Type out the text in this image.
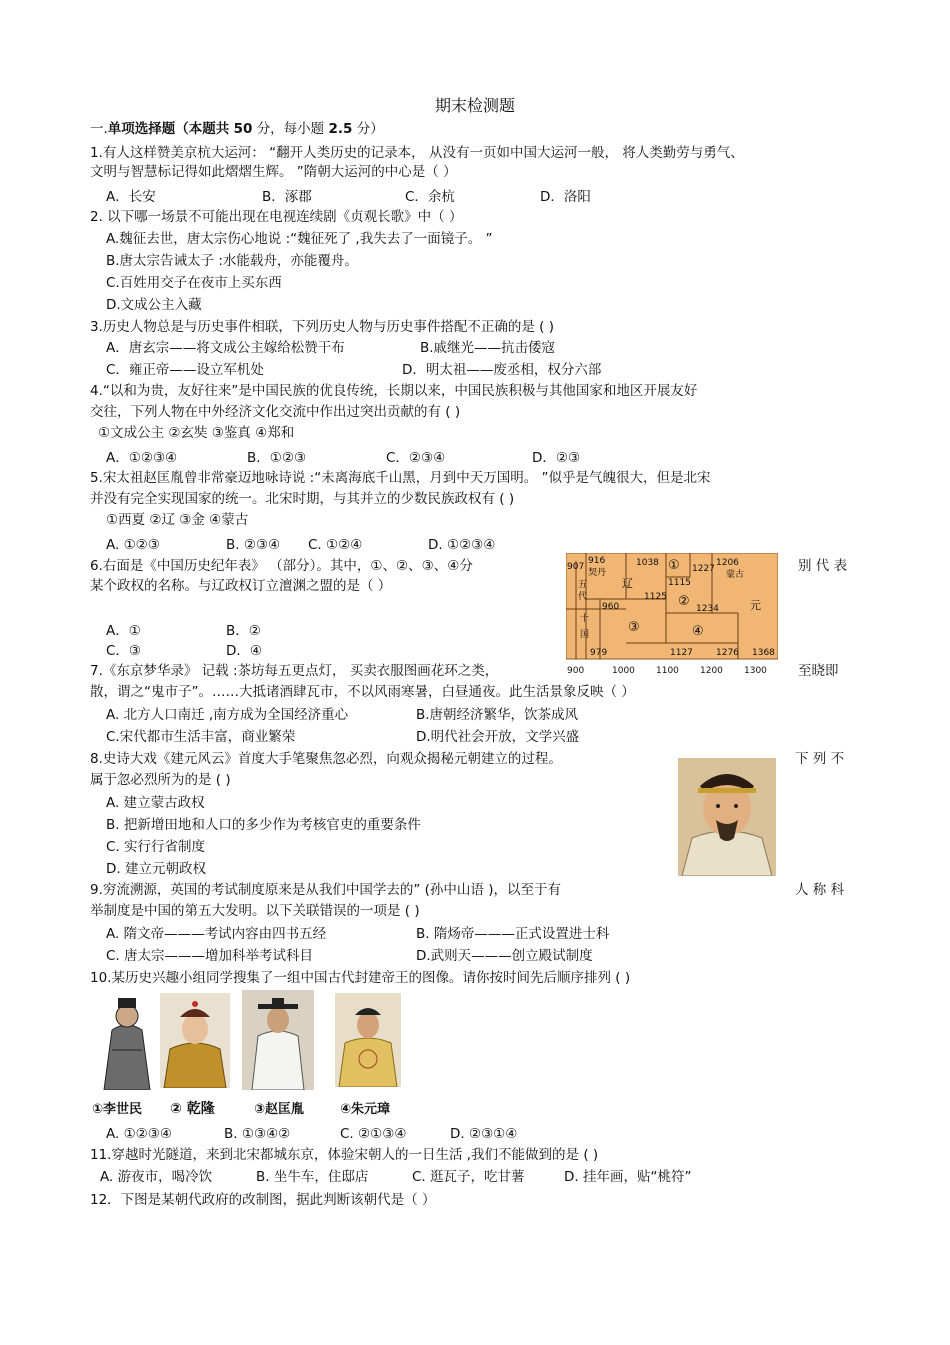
期末检测题
一.单项选择题（本题共 50 分，每小题 2.5 分）
1.有人这样赞美京杭大运河： “翻开人类历史的记录本， 从没有一页如中国大运河一般， 将人类勤劳与勇气、
文明与智慧标记得如此熠熠生辉。 ”隋朝大运河的中心是（ ）
A．长安	B．涿郡	C．余杭	D．洛阳
2. 以下哪一场景不可能出现在电视连续剧《贞观长歌》中（ ）
A.魏征去世，唐太宗伤心地说 :“魏征死了 ,我失去了一面镜子。 ”
B.唐太宗告诫太子 :水能载舟，亦能覆舟。
C.百姓用交子在夜市上买东西
D.文成公主入藏
3.历史人物总是与历史事件相联，下列历史人物与历史事件搭配不正确的是 ( )
A．唐玄宗——将文成公主嫁给松赞干布	B.戚继光——抗击倭寇
C．雍正帝——设立军机处	D．明太祖——废丞相，权分六部
4.“以和为贵，友好往来”是中国民族的优良传统，长期以来，中国民族积极与其他国家和地区开展友好
交往，下列人物在中外经济文化交流中作出过突出贡献的有 ( )
①文成公主 ②玄奘 ③鉴真 ④郑和
A．①②③④	B．①②③	C．②③④	D．②③
5.宋太祖赵匡胤曾非常豪迈地咏诗说 :“未离海底千山黑，月到中天万国明。 ”似乎是气魄很大，但是北宋
并没有完全实现国家的统一。北宋时期，与其并立的少数民族政权有 ( )
①西夏 ②辽 ③金 ④蒙古
A. ①②③	B. ②③④ C. ①②④	D. ①②③④
6.右面是《中国历史纪年表》 （部分）。其中，①、②、③、④分	别 代 表
某个政权的名称。与辽政权订立澶渊之盟的是（ ）
A．①	B．②
C．③	D．④
907
916
契丹
1038 ①	1206
1227
蒙古
五
代
辽	1115
1125 ② 1234	元
960
十
国	③	④
979	1127	1276 1368
900	1000 1100 1200 1300
7.《东京梦华录》 记载 :茶坊每五更点灯， 买卖衣服图画花环之类，	至晓即
散，谓之“鬼市子”。……大抵诸酒肆瓦市，不以风雨寒暑，白昼通夜。此生活景象反映（ ）
A. 北方人口南迁 ,南方成为全国经济重心	B.唐朝经济繁华，饮茶成风
C.宋代都市生活丰富，商业繁荣	D.明代社会开放，文学兴盛
8.史诗大戏《建元风云》首度大手笔聚焦忽必烈，向观众揭秘元朝建立的过程。	下 列 不
属于忽必烈所为的是 ( )
A. 建立蒙古政权
B. 把新增田地和人口的多少作为考核官吏的重要条件
C. 实行行省制度
D. 建立元朝政权
9.穷流溯源，英国的考试制度原来是从我们中国学去的” (孙中山语 )，以至于有	人 称 科
举制度是中国的第五大发明。以下关联错误的一项是 ( )
A. 隋文帝———考试内容由四书五经	B. 隋炀帝———正式设置进士科
C. 唐太宗———增加科举考试科目	D.武则天———创立殿试制度
10.某历史兴趣小组同学搜集了一组中国古代封建帝王的图像。请你按时间先后顺序排列 ( )
①李世民 ② 乾隆	③赵匡胤	④朱元璋
A. ①②③④	B. ①③④②	C. ②①③④	D. ②③①④
11.穿越时光隧道，来到北宋都城东京，体验宋朝人的一日生活 ,我们不能做到的是 ( )
A. 游夜市，喝冷饮	B. 坐牛车，住邸店	C. 逛瓦子，吃甘薯	D. 挂年画，贴“桃符”
12．下图是某朝代政府的改制图，据此判断该朝代是（ ）
